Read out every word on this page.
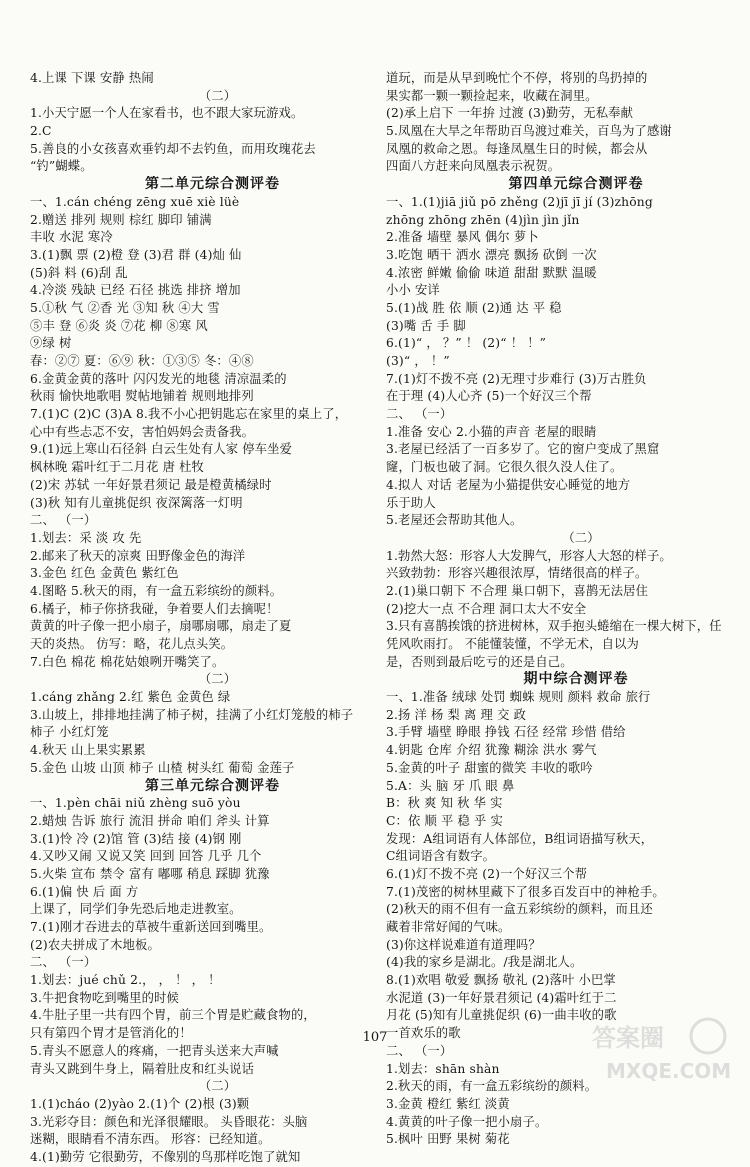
4.上课 下课 安静 热闹
（二）
1.小天宁愿一个人在家看书，也不跟大家玩游戏。
2.C
5.善良的小女孩喜欢垂钓却不去钓鱼，而用玫瑰花去
“钓”蝴蝶。
第二单元综合测评卷
一、1.cán chéng zēng xuē xiè lüè
2.赠送 排列 规则 棕红 脚印 铺满
丰收 水泥 寒冷
3.(1)飘 票 (2)橙 登 (3)君 群 (4)灿 仙
(5)斜 料 (6)刮 乱
4.冷淡 残缺 已经 石径 挑选 排挤 增加
5.①秋 气 ②香 光 ③知 秋 ④大 雪
⑤丰 登 ⑥炎 炎 ⑦花 柳 ⑧寒 风
⑨绿 树
春：②⑦ 夏：⑥⑨ 秋：①③⑤ 冬：④⑧
6.金黄金黄的落叶 闪闪发光的地毯 清凉温柔的
秋雨 愉快地歌唱 熨帖地铺着 规则地排列
7.(1)C (2)C (3)A 8.我不小心把钥匙忘在家里的桌上了，
心中有些忐忑不安，害怕妈妈会责备我。
9.(1)远上寒山石径斜 白云生处有人家 停车坐爱
枫林晚 霜叶红于二月花 唐 杜牧
(2)宋 苏轼 一年好景君须记 最是橙黄橘绿时
(3)秋 知有儿童挑促织 夜深篱落一灯明
二、 （一）
1.划去：采 淡 攻 先
2.邮来了秋天的凉爽 田野像金色的海洋
3.金色 红色 金黄色 紫红色
4.图略 5.秋天的雨，有一盒五彩缤纷的颜料。
6.橘子，柿子你挤我碰，争着要人们去摘呢！
黄黄的叶子像一把小扇子，扇哪扇哪，扇走了夏
天的炎热。 仿写：略，花儿点头笑。
7.白色 棉花 棉花姑娘咧开嘴笑了。
（二）
1.cáng zhǎng 2.红 紫色 金黄色 绿
3.山坡上，排排地挂满了柿子树，挂满了小红灯笼般的柿子
柿子 小红灯笼
4.秋天 山上果实累累
5.金色 山坡 山顶 柿子 山楂 树头红 葡萄 金莲子
第三单元综合测评卷
一、1.pèn chāi niǔ zhèng suō yòu
2.蜡烛 告诉 旅行 流泪 拼命 咱们 斧头 计算
3.(1)怜 冷 (2)馆 管 (3)结 接 (4)钢 刚
4.又吵又闹 又说又笑 回到 回答 几乎 几个
5.火柴 宣布 禁令 富有 嘟哪 稍息 踩脚 犹豫
6.(1)偏 快 后 面 方
上课了，同学们争先恐后地走进教室。
7.(1)刚才吞进去的草被牛重新送回到嘴里。
(2)农夫拼成了木地板。
二、 （一）
1.划去：jué chǔ 2.， ， ！ ， ！
3.牛把食物吃到嘴里的时候
4.牛肚子里一共有四个胃，前三个胃是贮藏食物的，
只有第四个胃才是管消化的！
5.青头不愿意人的疼痛，一把青头送来大声喊
青头又跳到牛身上，隔着肚皮和红头说话
（二）
1.(1)cháo (2)yào 2.(1)个 (2)根 (3)颗
3.光彩夺目：颜色和光泽很耀眼。 头昏眼花：头脑
迷糊，眼睛看不清东西。 形容：已经知道。
4.(1)勤劳 它很勤劳，不像别的鸟那样吃饱了就知
道玩，而是从早到晚忙个不停，将别的鸟扔掉的
果实都一颗一颗捡起来，收藏在洞里。
(2)承上启下 一年拚 过渡 (3)勤劳，无私奉献
5.凤凰在大旱之年帮助百鸟渡过难关，百鸟为了感谢
凤凰的救命之恩。每逢凤凰生日的时候，都会从
四面八方赶来向凤凰表示祝贺。
第四单元综合测评卷
一、1.(1)jiā jiǔ pō zhěng (2)jī jī jí (3)zhōng
zhōng zhōng zhēn (4)jìn jìn jǐn
2.准备 墙壁 暴风 偶尔 萝卜
3.吃饱 晒干 洒水 漂亮 飘扬 砍倒 一次
4.浓密 鲜嫩 偷偷 味道 甜甜 默默 温暖
小小 安详
5.(1)战 胜 依 顺 (2)通 达 平 稳
(3)嘴 舌 手 脚
6.(1)“ ， ？” ！ (2)“ ！ ！”
(3)“ ， ！”
7.(1)灯不拨不亮 (2)无理寸步难行 (3)万古胜负
在于理 (4)人心齐 (5)一个好汉三个帮
二、 （一）
1.准备 安心 2.小猫的声音 老屋的眼睛
3.老屋已经活了一百多岁了。它的窗户变成了黑窟
窿，门板也破了洞。它很久很久没人住了。
4.拟人 对话 老屋为小猫提供安心睡觉的地方
乐于助人
5.老屋还会帮助其他人。
（二）
1.勃然大怒：形容人大发脾气，形容人大怒的样子。
兴致勃勃：形容兴趣很浓厚，情绪很高的样子。
2.(1)巢口朝下 不合理 巢口朝下，喜鹊无法居住
(2)挖大一点 不合理 洞口太大不安全
3.只有喜鹊挨饿的挤进树林，双手抱头蜷缩在一棵大树下，任
凭风吹雨打。 不能懂装懂，不学无术，自以为
是，否则到最后吃亏的还是自己。
期中综合测评卷
一、1.准备 绒球 处罚 蜘蛛 规则 颜料 救命 旅行
2.扬 洋 杨 梨 离 理 交 政
3.手臂 墙壁 睁眼 挣钱 石径 经常 珍惜 借给
4.钥匙 仓库 介绍 犹豫 糊涂 洪水 雾气
5.金黄的叶子 甜蜜的微笑 丰收的歌吟
5.A：头 脑 牙 爪 眼 鼻
B：秋 爽 知 秋 华 实
C：依 顺 平 稳 乎 实
发现：A组词语有人体部位，B组词语描写秋天，
C组词语含有数字。
6.(1)灯不拨不亮 (2)一个好汉三个帮
7.(1)茂密的树林里藏下了很多百发百中的神枪手。
(2)秋天的雨不但有一盒五彩缤纷的颜料，而且还
藏着非常好闻的气味。
(3)你这样说难道有道理吗？
(4)我的家乡是湖北。/我是湖北人。
8.(1)欢唱 敬爱 飘扬 敬礼 (2)落叶 小巴掌
水泥道 (3)一年好景君须记 (4)霜叶红于二
月花 (5)知有儿童挑促织 (6)一曲丰收的歌
一首欢乐的歌
二、 （一）
1.划去：shān shàn
2.秋天的雨，有一盒五彩缤纷的颜料。
3.金黄 橙红 紫红 淡黄
4.黄黄的叶子像一把小扇子。
5.枫叶 田野 果树 菊花
107	答案圈
MXQE.COM
